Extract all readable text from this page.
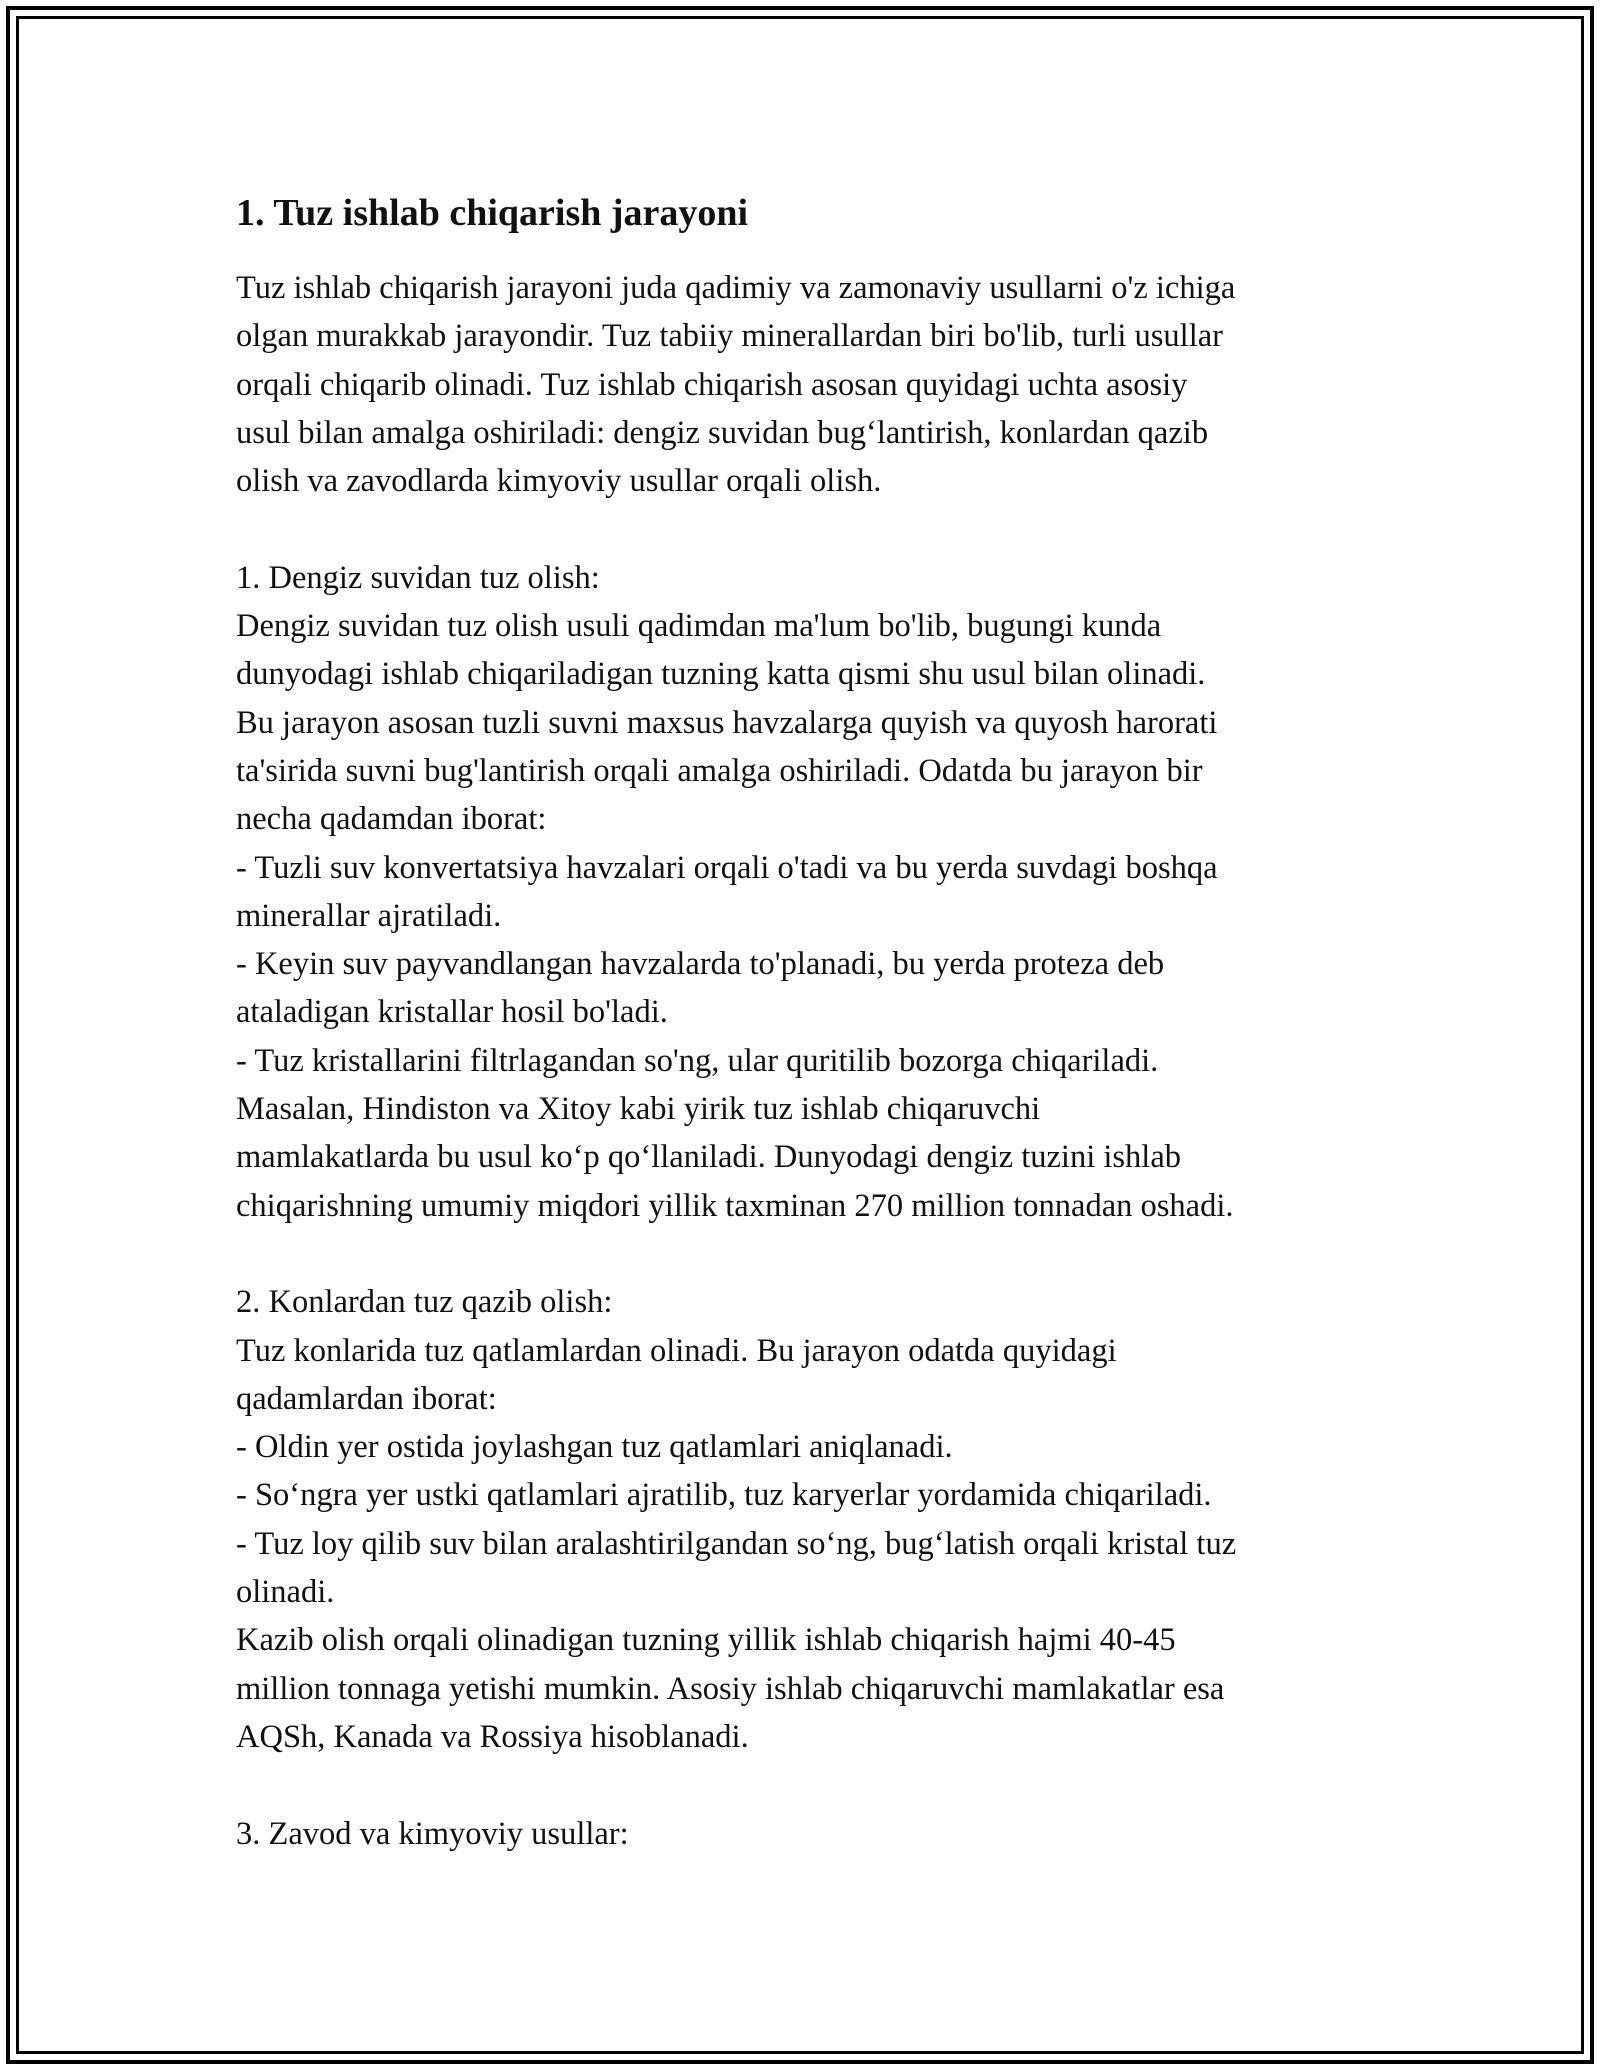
1. Tuz ishlab chiqarish jarayoni
Tuz ishlab chiqarish jarayoni juda qadimiy va zamonaviy usullarni o'z ichiga
olgan murakkab jarayondir. Tuz tabiiy minerallardan biri bo'lib, turli usullar
orqali chiqarib olinadi. Tuz ishlab chiqarish asosan quyidagi uchta asosiy
usul bilan amalga oshiriladi: dengiz suvidan bug‘lantirish, konlardan qazib
olish va zavodlarda kimyoviy usullar orqali olish.
1. Dengiz suvidan tuz olish:
Dengiz suvidan tuz olish usuli qadimdan ma'lum bo'lib, bugungi kunda
dunyodagi ishlab chiqariladigan tuzning katta qismi shu usul bilan olinadi.
Bu jarayon asosan tuzli suvni maxsus havzalarga quyish va quyosh harorati
ta'sirida suvni bug'lantirish orqali amalga oshiriladi. Odatda bu jarayon bir
necha qadamdan iborat:
- Tuzli suv konvertatsiya havzalari orqali o'tadi va bu yerda suvdagi boshqa
minerallar ajratiladi.
- Keyin suv payvandlangan havzalarda to'planadi, bu yerda proteza deb
ataladigan kristallar hosil bo'ladi.
- Tuz kristallarini filtrlagandan so'ng, ular quritilib bozorga chiqariladi.
Masalan, Hindiston va Xitoy kabi yirik tuz ishlab chiqaruvchi
mamlakatlarda bu usul ko‘p qo‘llaniladi. Dunyodagi dengiz tuzini ishlab
chiqarishning umumiy miqdori yillik taxminan 270 million tonnadan oshadi.
2. Konlardan tuz qazib olish:
Tuz konlarida tuz qatlamlardan olinadi. Bu jarayon odatda quyidagi
qadamlardan iborat:
- Oldin yer ostida joylashgan tuz qatlamlari aniqlanadi.
- So‘ngra yer ustki qatlamlari ajratilib, tuz karyerlar yordamida chiqariladi.
- Tuz loy qilib suv bilan aralashtirilgandan so‘ng, bug‘latish orqali kristal tuz
olinadi.
Kazib olish orqali olinadigan tuzning yillik ishlab chiqarish hajmi 40-45
million tonnaga yetishi mumkin. Asosiy ishlab chiqaruvchi mamlakatlar esa
AQSh, Kanada va Rossiya hisoblanadi.
3. Zavod va kimyoviy usullar:
